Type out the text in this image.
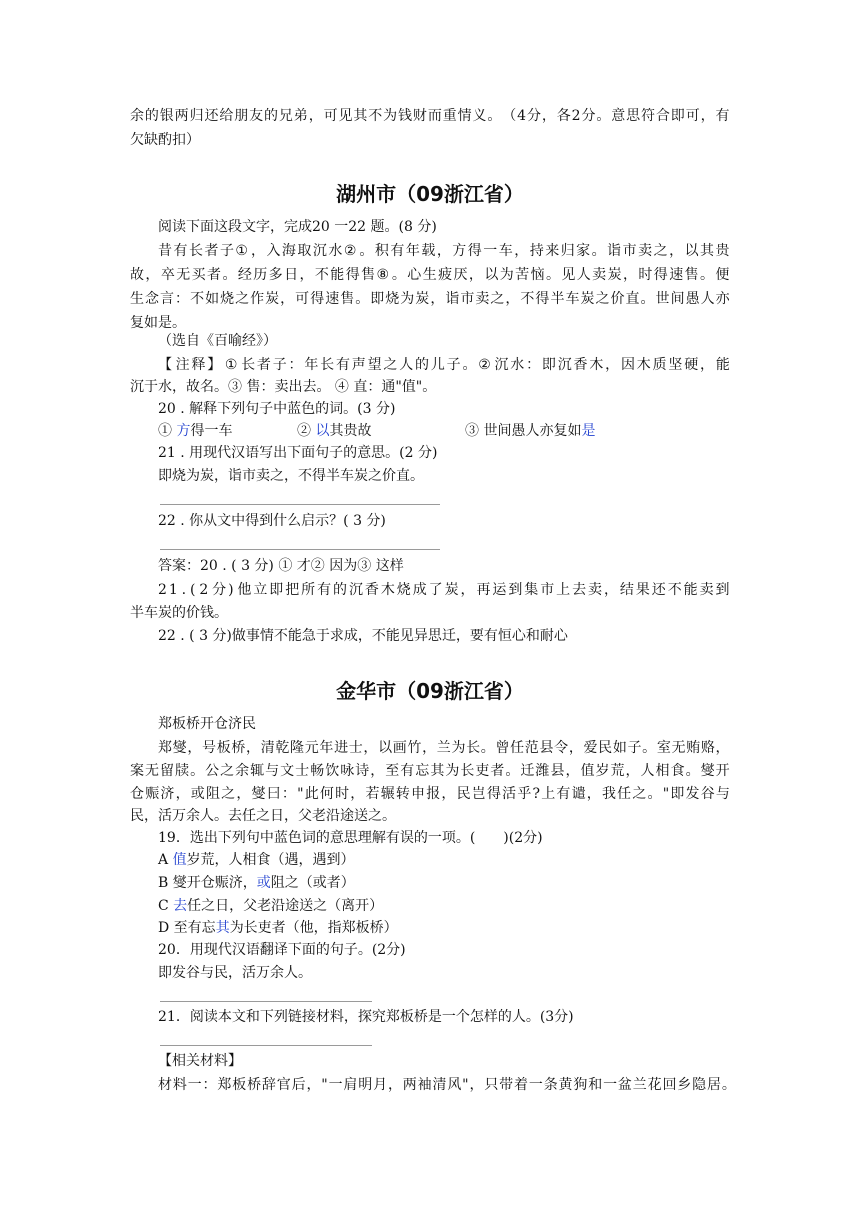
余 的 银 两 归 还 给 朋 友 的 兄 弟 ， 可 见 其 不 为 钱 财 而 重 情 义 。 （ 4 分 ， 各 2 分 。 意 思 符 合 即 可 ， 有
欠缺酌扣）
湖州市（09浙江省）
阅读下面这段文字，完成20 一22 题。(8 分)
昔 有 长 者 子 ① ， 入 海 取 沉 水 ② 。 积 有 年 载 ， 方 得 一 车 ， 持 来 归 家 。 诣 市 卖 之 ， 以 其 贵
故 ， 卒 无 买 者 。 经 历 多 日 ， 不 能 得 售 ⑧ 。 心 生 疲 厌 ， 以 为 苦 恼 。 见 人 卖 炭 ， 时 得 速 售 。 便
生 念 言 ： 不 如 烧 之 作 炭 ， 可 得 速 售 。 即 烧 为 炭 ， 诣 市 卖 之 ， 不 得 半 车 炭 之 价 直 。 世 间 愚 人 亦
复如是。
（选自《百喻经》）
【 注 释 】 ① 长 者 子 ： 年 长 有 声 望 之 人 的 儿 子 。 ② 沉 水 ： 即 沉 香 木 ， 因 木 质 坚 硬 ， 能
沉于水，故名。③ 售：卖出去。 ④ 直：通"值"。
20 . 解释下列句子中蓝色的词。(3 分)
① 方得一车	② 以其贵故	③ 世间愚人亦复如是
21 . 用现代汉语写出下面句子的意思。(2 分)
即烧为炭，诣市卖之，不得半车炭之价直。
22 . 你从文中得到什么启示？( 3 分)
答案：20 . ( 3 分) ① 才② 因为③ 这样
2 1 . ( 2 分 ) 他 立 即 把 所 有 的 沉 香 木 烧 成 了 炭 ， 再 运 到 集 市 上 去 卖 ， 结 果 还 不 能 卖 到
半车炭的价钱。
22 . ( 3 分)做事情不能急于求成，不能见异思迁，要有恒心和耐心
金华市（09浙江省）
郑板桥开仓济民
郑 燮 ， 号 板 桥 ， 清 乾 隆 元 年 进 士 ， 以 画 竹 ， 兰 为 长 。 曾 任 范 县 令 ， 爱 民 如 子 。 室 无 贿 赂 ，
案 无 留 牍 。 公 之 余 辄 与 文 士 畅 饮 咏 诗 ， 至 有 忘 其 为 长 吏 者 。 迁 潍 县 ， 值 岁 荒 ， 人 相 食 。 燮 开
仓 赈 济 ， 或 阻 之 ， 燮 曰 ： " 此 何 时 ， 若 辗 转 申 报 ， 民 岂 得 活 乎 ? 上 有 谴 ， 我 任 之 。 " 即 发 谷 与
民，活万余人。去任之日，父老沿途送之。
19．选出下列句中蓝色词的意思理解有误的一项。(　　)(2分)
A 值岁荒，人相食（遇，遇到）
B 燮开仓赈济，或阻之（或者）
C 去任之日，父老沿途送之（离开）
D 至有忘其为长吏者（他，指郑板桥）
20．用现代汉语翻译下面的句子。(2分)
即发谷与民，活万余人。
21．阅读本文和下列链接材料，探究郑板桥是一个怎样的人。(3分)
【相关材料】
材 料 一 ： 郑 板 桥 辞 官 后 ， " 一 肩 明 月 ， 两 袖 清 风 " ， 只 带 着 一 条 黄 狗 和 一 盆 兰 花 回 乡 隐 居 。
